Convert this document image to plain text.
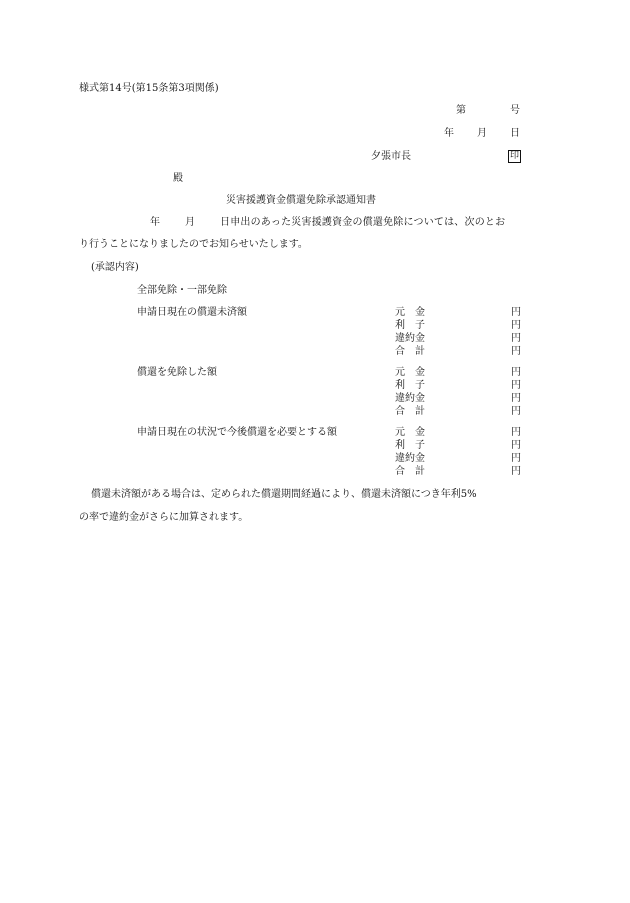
様式第14号(第15条第3項関係)
第	号
年 月 日
夕張市長	印
殿
災害援護資金償還免除承認通知書
年	月	日申出のあった災害援護資金の償還免除については、次のとお
り行うことになりましたのでお知らせいたします。
(承認内容)
全部免除・一部免除
申請日現在の償還未済額	元　金	円
利　子	円
違約金	円
合　計	円
償還を免除した額	元　金	円
利　子	円
違約金	円
合　計	円
申請日現在の状況で今後償還を必要とする額	元　金	円
利　子	円
違約金	円
合　計	円
償還未済額がある場合は、定められた償還期間経過により、償還未済額につき年利5%
の率で違約金がさらに加算されます。
